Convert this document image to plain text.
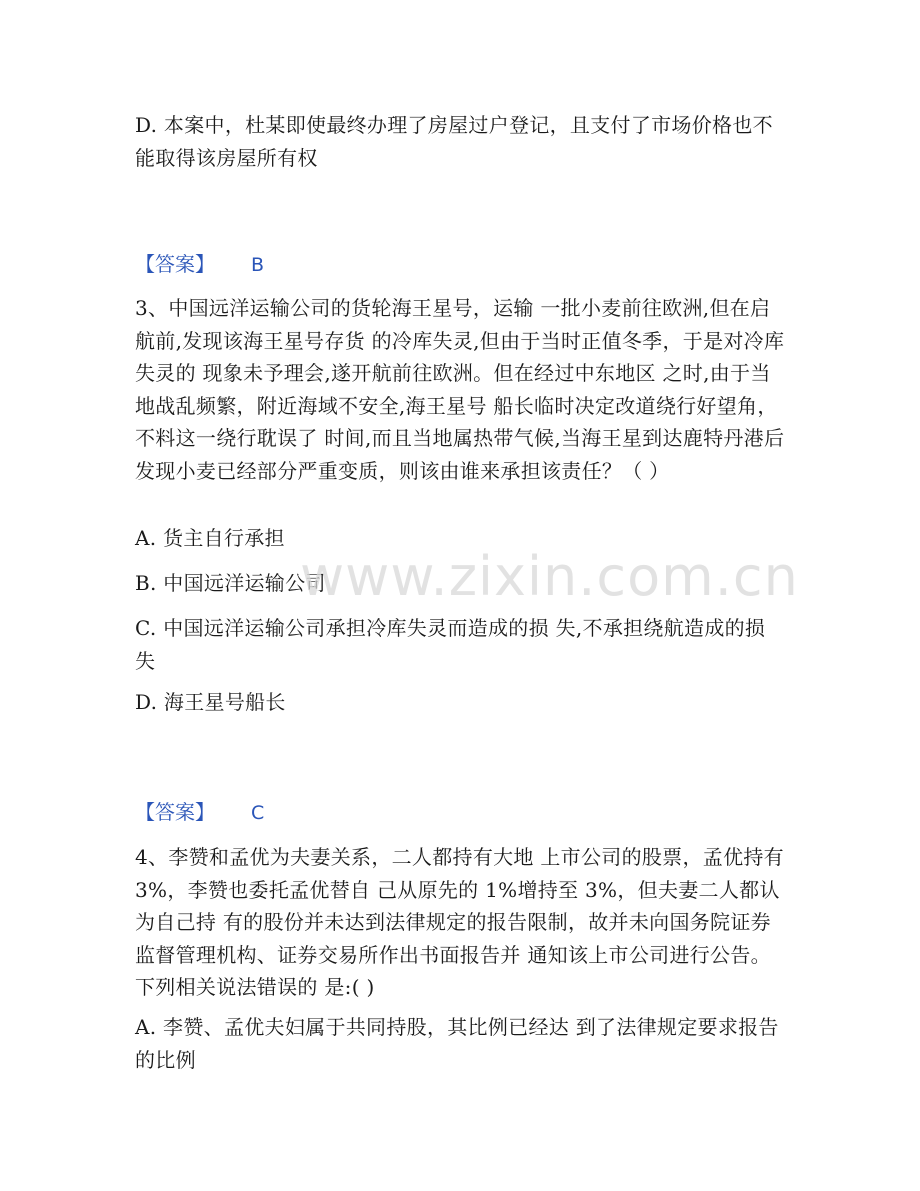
D. 本案中，杜某即使最终办理了房屋过户登记，且支付了市场价格也不能取得该房屋所有权
【答案】 B
3、中国远洋运输公司的货轮海王星号，运输 一批小麦前往欧洲,但在启航前,发现该海王星号存货 的冷库失灵,但由于当时正值冬季，于是对冷库失灵的 现象未予理会,遂开航前往欧洲。但在经过中东地区 之时,由于当地战乱频繁，附近海域不安全,海王星号 船长临时决定改道绕行好望角，不料这一绕行耽误了 时间,而且当地属热带气候,当海王星到达鹿特丹港后发现小麦已经部分严重变质，则该由谁来承担该责任？（ ）
A. 货主自行承担
B. 中国远洋运输公司
C. 中国远洋运输公司承担冷库失灵而造成的损 失,不承担绕航造成的损失
D. 海王星号船长
【答案】 C
4、李赞和孟优为夫妻关系，二人都持有大地 上市公司的股票，孟优持有 3%，李赞也委托孟优替自 己从原先的 1%增持至 3%，但夫妻二人都认为自己持 有的股份并未达到法律规定的报告限制，故并未向国务院证券监督管理机构、证券交易所作出书面报告并 通知该上市公司进行公告。下列相关说法错误的 是:( )
A. 李赞、孟优夫妇属于共同持股，其比例已经达 到了法律规定要求报告的比例
www.zixin.com.cn
